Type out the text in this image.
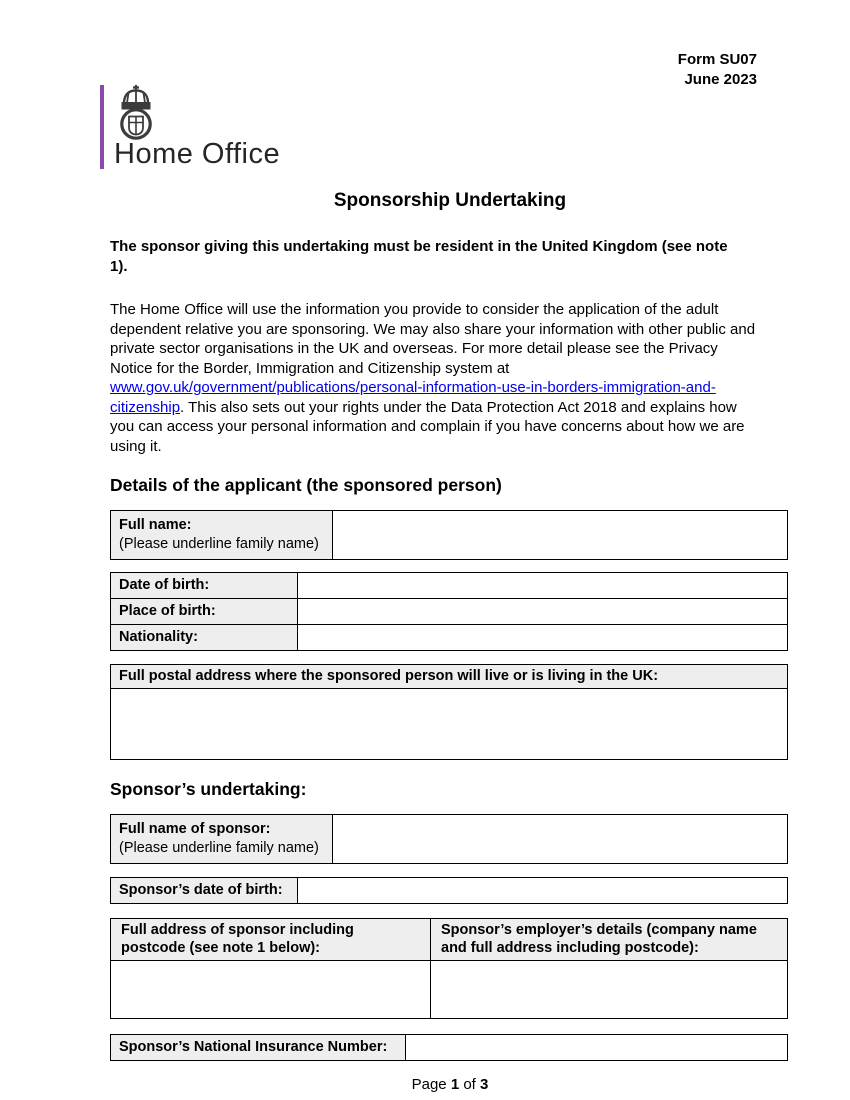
Form SU07
June 2023
Home Office
Sponsorship Undertaking

The sponsor giving this undertaking must be resident in the United Kingdom (see note 1).

The Home Office will use the information you provide to consider the application of the adult dependent relative you are sponsoring. We may also share your information with other public and private sector organisations in the UK and overseas. For more detail please see the Privacy Notice for the Border, Immigration and Citizenship system at www.gov.uk/government/publications/personal-information-use-in-borders-immigration-and-citizenship. This also sets out your rights under the Data Protection Act 2018 and explains how you can access your personal information and complain if you have concerns about how we are using it.

Details of the applicant (the sponsored person)
Full name:
(Please underline family name)
Date of birth:
Place of birth:
Nationality:
Full postal address where the sponsored person will live or is living in the UK:
Sponsor’s undertaking:
Full name of sponsor:
(Please underline family name)
Sponsor’s date of birth:
Full address of sponsor including postcode (see note 1 below):
Sponsor’s employer’s details (company name and full address including postcode):
Sponsor’s National Insurance Number:
Page 1 of 3
